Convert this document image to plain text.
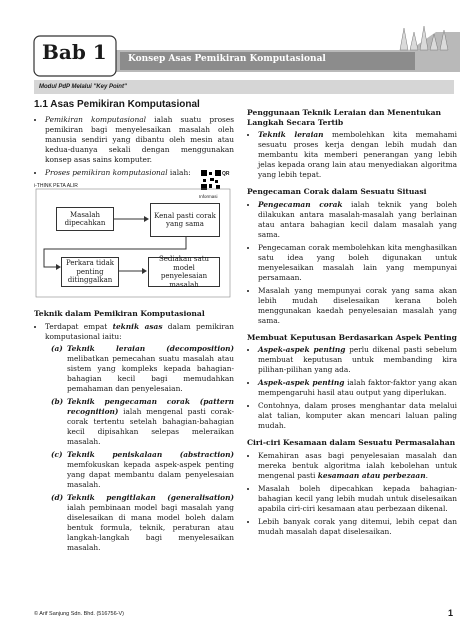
Bab 1 Konsep Asas Pemikiran Komputasional
Modul PdP Melalui "Key Point"
1.1 Asas Pemikiran Komputasional
• Pemikiran komputasional ialah suatu proses pemikiran bagi menyelesaikan masalah oleh manusia sendiri yang dibantu oleh mesin atau kedua-duanya sekali dengan menggunakan konsep asas sains komputer.
• Proses pemikiran komputasional ialah:
i-THINK PETA ALIR
QR
Informasi
Masalah dipecahkan
Kenal pasti corak yang sama
Perkara tidak penting ditinggalkan
Sediakan satu model penyelesaian masalah
Teknik dalam Pemikiran Komputasional
• Terdapat empat teknik asas dalam pemikiran komputasional iaitu:
(a) Teknik leraian (decomposition) melibatkan pemecahan suatu masalah atau sistem yang kompleks kepada bahagian-bahagian kecil bagi memudahkan pemahaman dan penyelesaian.
(b) Teknik pengecaman corak (pattern recognition) ialah mengenal pasti corak-corak tertentu setelah bahagian-bahagian kecil dipisahkan selepas meleraikan masalah.
(c) Teknik peniskalaan (abstraction) memfokuskan kepada aspek-aspek penting yang dapat membantu dalam penyelesaian masalah.
(d) Teknik pengitlakan (generalisation) ialah pembinaan model bagi masalah yang diselesaikan di mana model boleh dalam bentuk formula, teknik, peraturan atau langkah-langkah bagi menyelesaikan masalah.
Penggunaan Teknik Leraian dan Menentukan Langkah Secara Tertib
• Teknik leraian membolehkan kita memahami sesuatu proses kerja dengan lebih mudah dan membantu kita memberi penerangan yang lebih jelas kepada orang lain atau menyediakan algoritma yang lebih tepat.
Pengecaman Corak dalam Sesuatu Situasi
• Pengecaman corak ialah teknik yang boleh dilakukan antara masalah-masalah yang berlainan atau antara bahagian kecil dalam masalah yang sama.
• Pengecaman corak membolehkan kita menghasilkan satu idea yang boleh digunakan untuk menyelesaikan masalah lain yang mempunyai persamaan.
• Masalah yang mempunyai corak yang sama akan lebih mudah diselesaikan kerana boleh menggunakan kaedah penyelesaian masalah yang sama.
Membuat Keputusan Berdasarkan Aspek Penting
• Aspek-aspek penting perlu dikenal pasti sebelum membuat keputusan untuk membanding kira pilihan-pilihan yang ada.
• Aspek-aspek penting ialah faktor-faktor yang akan mempengaruhi hasil atau output yang diperlukan.
• Contohnya, dalam proses menghantar data melalui alat talian, komputer akan mencari laluan paling mudah.
Ciri-ciri Kesamaan dalam Sesuatu Permasalahan
• Kemahiran asas bagi penyelesaian masalah dan mereka bentuk algoritma ialah kebolehan untuk mengenal pasti kesamaan atau perbezaan.
• Masalah boleh dipecahkan kepada bahagian-bahagian kecil yang lebih mudah untuk diselesaikan apabila ciri-ciri kesamaan atau perbezaan dikenal.
• Lebih banyak corak yang ditemui, lebih cepat dan mudah masalah dapat diselesaikan.
© Arif Sanjung Sdn. Bhd. (516756-V)	1
